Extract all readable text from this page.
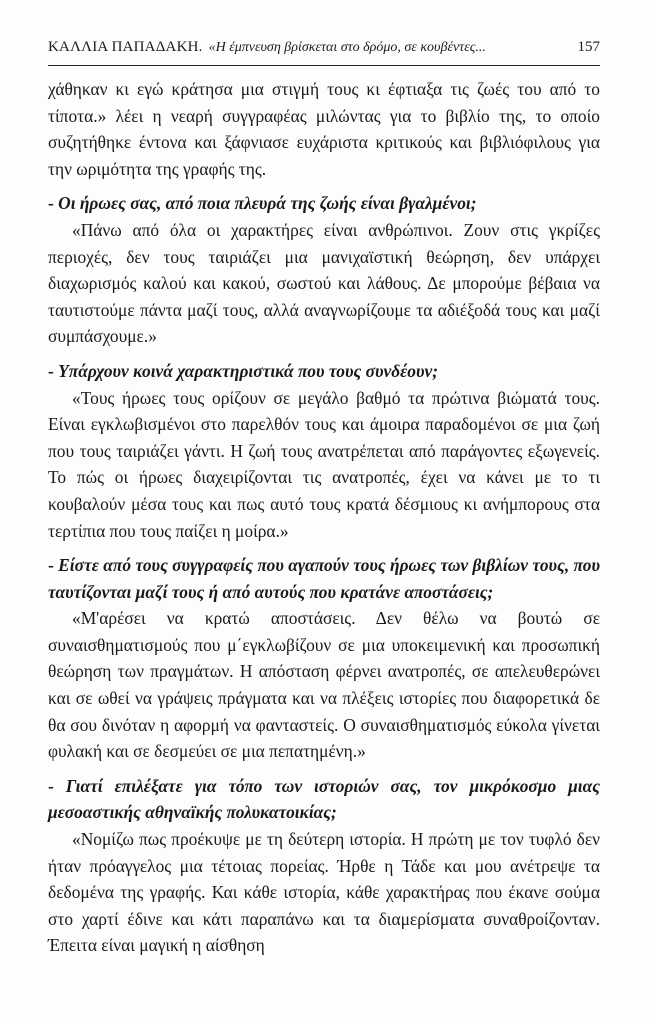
ΚΑΛΛΙΑ ΠΑΠΑΔΑΚΗ. «Η έμπνευση βρίσκεται στο δρόμο, σε κουβέντες...	157

χάθηκαν κι εγώ κράτησα μια στιγμή τους κι έφτιαξα τις ζωές του από το τίποτα.» λέει η νεαρή συγγραφέας μιλώντας για το βιβλίο της, το οποίο συζητήθηκε έντονα και ξάφνιασε ευχάριστα κριτικούς και βιβλιόφιλους για την ωριμότητα της γραφής της.

- Οι ήρωες σας, από ποια πλευρά της ζωής είναι βγαλμένοι;

«Πάνω από όλα οι χαρακτήρες είναι ανθρώπινοι. Ζουν στις γκρίζες περιοχές, δεν τους ταιριάζει μια μανιχαϊστική θεώρηση, δεν υπάρχει διαχωρισμός καλού και κακού, σωστού και λάθους. Δε μπορούμε βέβαια να ταυτιστούμε πάντα μαζί τους, αλλά αναγνωρίζουμε τα αδιέξοδά τους και μαζί συμπάσχουμε.»

- Υπάρχουν κοινά χαρακτηριστικά που τους συνδέουν;

«Τους ήρωες τους ορίζουν σε μεγάλο βαθμό τα πρώτινα βιώματά τους. Είναι εγκλωβισμένοι στο παρελθόν τους και άμοιρα παραδομένοι σε μια ζωή που τους ταιριάζει γάντι. Η ζωή τους ανατρέπεται από παράγοντες εξωγενείς. Το πώς οι ήρωες διαχειρίζονται τις ανατροπές, έχει να κάνει με το τι κουβαλούν μέσα τους και πως αυτό τους κρατά δέσμιους κι ανήμπορους στα τερτίπια που τους παίζει η μοίρα.»

- Είστε από τους συγγραφείς που αγαπούν τους ήρωες των βιβλίων τους, που ταυτίζονται μαζί τους ή από αυτούς που κρατάνε αποστάσεις;

«Μ'αρέσει να κρατώ αποστάσεις. Δεν θέλω να βουτώ σε συναισθηματισμούς που μ΄εγκλωβίζουν σε μια υποκειμενική και προσωπική θεώρηση των πραγμάτων. Η απόσταση φέρνει ανατροπές, σε απελευθερώνει και σε ωθεί να γράψεις πράγματα και να πλέξεις ιστορίες που διαφορετικά δε θα σου δινόταν η αφορμή να φανταστείς. Ο συναισθηματισμός εύκολα γίνεται φυλακή και σε δεσμεύει σε μια πεπατημένη.»

- Γιατί επιλέξατε για τόπο των ιστοριών σας, τον μικρόκοσμο μιας μεσοαστικής αθηναϊκής πολυκατοικίας;

«Νομίζω πως προέκυψε με τη δεύτερη ιστορία. Η πρώτη με τον τυφλό δεν ήταν πρόαγγελος μια τέτοιας πορείας. Ήρθε η Τάδε και μου ανέτρεψε τα δεδομένα της γραφής. Και κάθε ιστορία, κάθε χαρακτήρας που έκανε σούμα στο χαρτί έδινε και κάτι παραπάνω και τα διαμερίσματα συναθροίζονταν. Έπειτα είναι μαγική η αίσθηση
